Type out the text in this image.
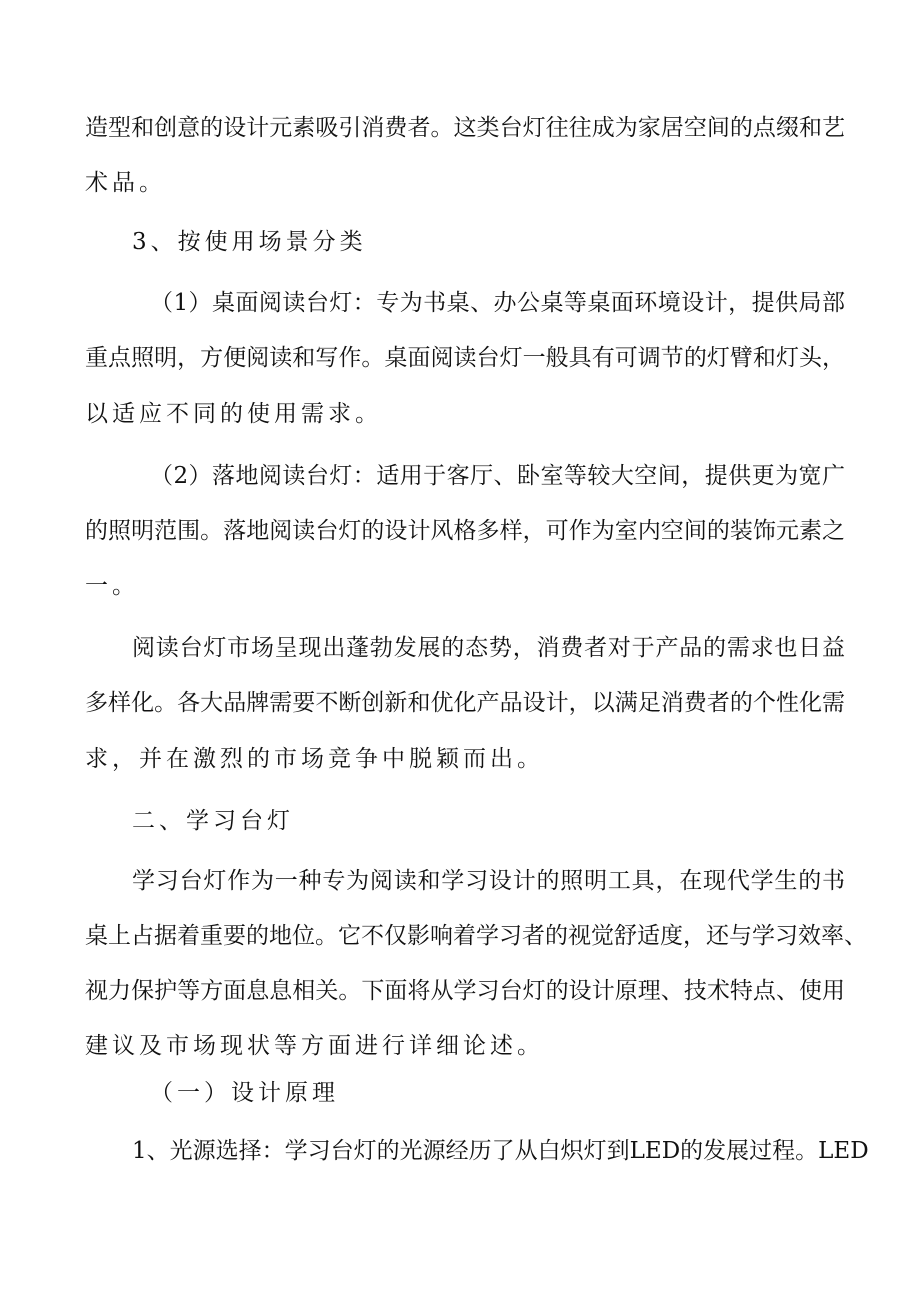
造型和创意的设计元素吸引消费者。这类台灯往往成为家居空间的点缀和艺
术品。
3、按使用场景分类
（1）桌面阅读台灯：专为书桌、办公桌等桌面环境设计，提供局部
重点照明，方便阅读和写作。桌面阅读台灯一般具有可调节的灯臂和灯头，
以适应不同的使用需求。
（2）落地阅读台灯：适用于客厅、卧室等较大空间，提供更为宽广
的照明范围。落地阅读台灯的设计风格多样，可作为室内空间的装饰元素之
一。
阅读台灯市场呈现出蓬勃发展的态势，消费者对于产品的需求也日益
多样化。各大品牌需要不断创新和优化产品设计，以满足消费者的个性化需
求，并在激烈的市场竞争中脱颖而出。
二、学习台灯
学习台灯作为一种专为阅读和学习设计的照明工具，在现代学生的书
桌上占据着重要的地位。它不仅影响着学习者的视觉舒适度，还与学习效率、
视力保护等方面息息相关。下面将从学习台灯的设计原理、技术特点、使用
建议及市场现状等方面进行详细论述。
（一）设计原理
1、光源选择：学习台灯的光源经历了从白炽灯到LED的发展过程。LED
